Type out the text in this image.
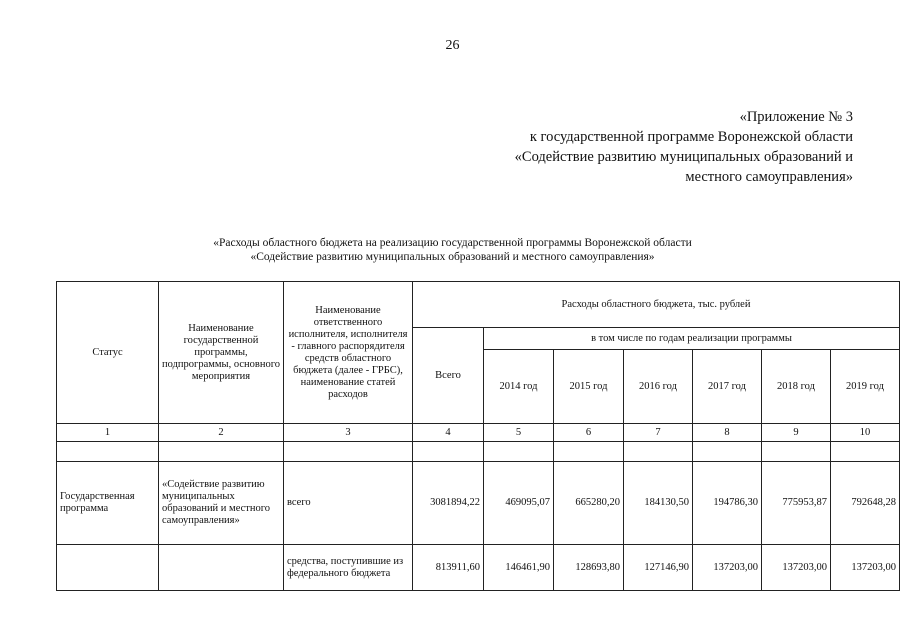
26
«Приложение № 3
к государственной программе Воронежской области
«Содействие развитию муниципальных образований и
местного самоуправления»
«Расходы областного бюджета на реализацию государственной программы Воронежской области
«Содействие развитию муниципальных образований и местного самоуправления»
Статус	Наименование государственной программы, подпрограммы, основного мероприятия	Наименование ответственного исполнителя, исполнителя - главного распорядителя средств областного бюджета (далее - ГРБС), наименование статей расходов	Расходы областного бюджета, тыс. рублей						
			Всего	в том числе по годам реализации программы					
				2014 год	2015 год	2016 год	2017 год	2018 год	2019 год
1	2	3	4	5	6	7	8	9	10

Государственная программа	«Содействие развитию муниципальных образований и местного самоуправления»	всего	3081894,22	469095,07	665280,20	184130,50	194786,30	775953,87	792648,28
		средства, поступившие из федерального бюджета	813911,60	146461,90	128693,80	127146,90	137203,00	137203,00	137203,00
